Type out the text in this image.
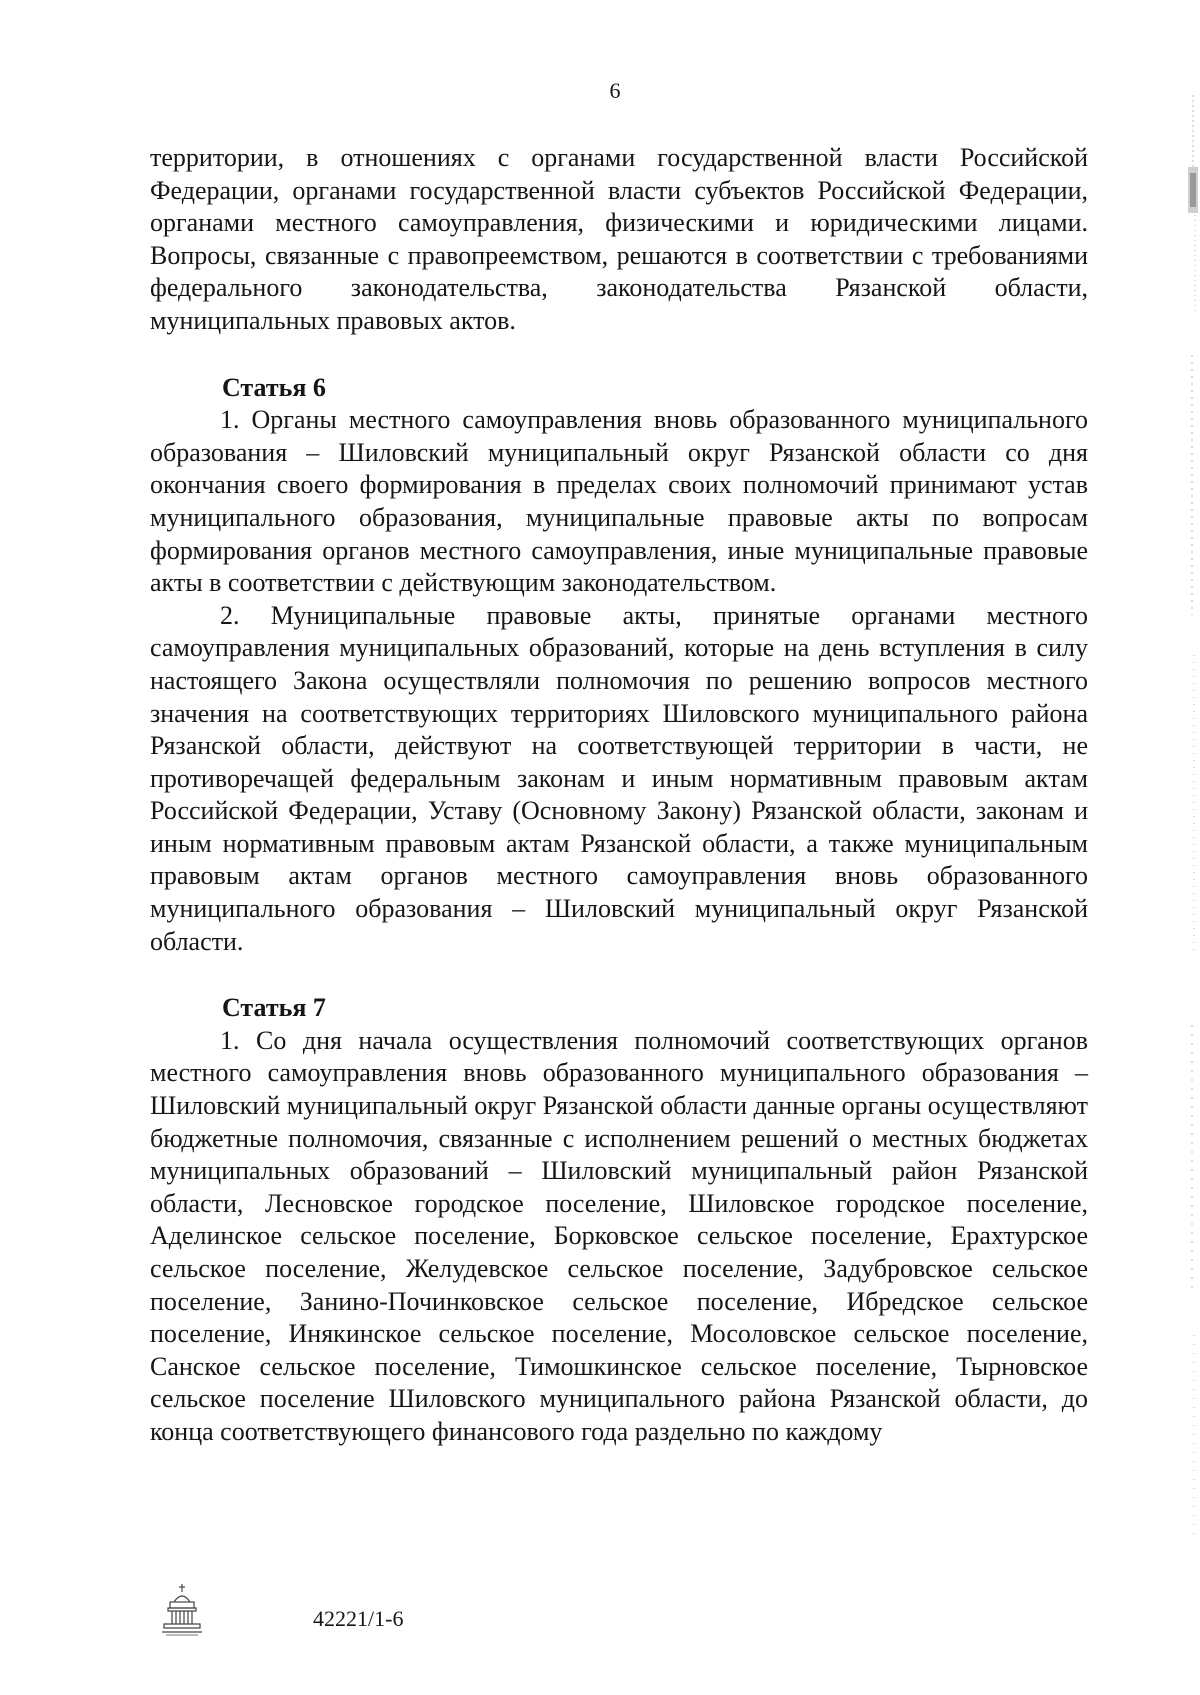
6

территории, в отношениях с органами государственной власти Российской Федерации, органами государственной власти субъектов Российской Федерации, органами местного самоуправления, физическими и юридическими лицами. Вопросы, связанные с правопреемством, решаются в соответствии с требованиями федерального законодательства, законодательства Рязанской области, муниципальных правовых актов.

Статья 6

1. Органы местного самоуправления вновь образованного муниципального образования – Шиловский муниципальный округ Рязанской области со дня окончания своего формирования в пределах своих полномочий принимают устав муниципального образования, муниципальные правовые акты по вопросам формирования органов местного самоуправления, иные муниципальные правовые акты в соответствии с действующим законодательством.

2. Муниципальные правовые акты, принятые органами местного самоуправления муниципальных образований, которые на день вступления в силу настоящего Закона осуществляли полномочия по решению вопросов местного значения на соответствующих территориях Шиловского муниципального района Рязанской области, действуют на соответствующей территории в части, не противоречащей федеральным законам и иным нормативным правовым актам Российской Федерации, Уставу (Основному Закону) Рязанской области, законам и иным нормативным правовым актам Рязанской области, а также муниципальным правовым актам органов местного самоуправления вновь образованного муниципального образования – Шиловский муниципальный округ Рязанской области.

Статья 7

1. Со дня начала осуществления полномочий соответствующих органов местного самоуправления вновь образованного муниципального образования – Шиловский муниципальный округ Рязанской области данные органы осуществляют бюджетные полномочия, связанные с исполнением решений о местных бюджетах муниципальных образований – Шиловский муниципальный район Рязанской области, Лесновское городское поселение, Шиловское городское поселение, Аделинское сельское поселение, Борковское сельское поселение, Ерахтурское сельское поселение, Желудевское сельское поселение, Задубровское сельское поселение, Занино-Починковское сельское поселение, Ибредское сельское поселение, Инякинское сельское поселение, Мосоловское сельское поселение, Санское сельское поселение, Тимошкинское сельское поселение, Тырновское сельское поселение Шиловского муниципального района Рязанской области, до конца соответствующего финансового года раздельно по каждому

42221/1-6
